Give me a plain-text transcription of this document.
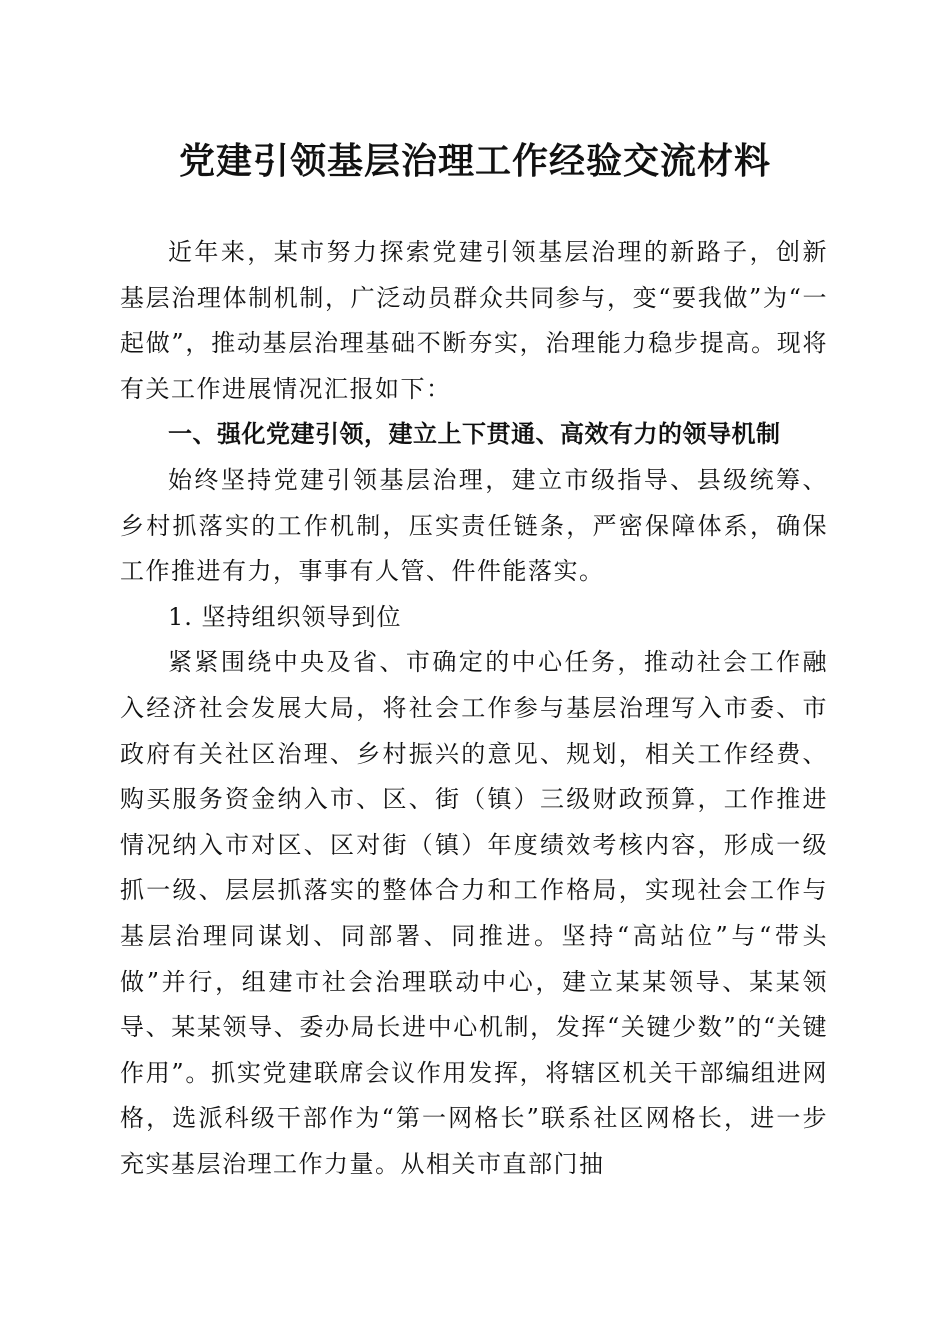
党建引领基层治理工作经验交流材料

近年来，某市努力探索党建引领基层治理的新路子，创新基层治理体制机制，广泛动员群众共同参与，变“要我做”为“一起做”，推动基层治理基础不断夯实，治理能力稳步提高。现将有关工作进展情况汇报如下：

一、强化党建引领，建立上下贯通、高效有力的领导机制

始终坚持党建引领基层治理，建立市级指导、县级统筹、乡村抓落实的工作机制，压实责任链条，严密保障体系，确保工作推进有力，事事有人管、件件能落实。

1. 坚持组织领导到位

紧紧围绕中央及省、市确定的中心任务，推动社会工作融入经济社会发展大局，将社会工作参与基层治理写入市委、市政府有关社区治理、乡村振兴的意见、规划，相关工作经费、购买服务资金纳入市、区、街（镇）三级财政预算，工作推进情况纳入市对区、区对街（镇）年度绩效考核内容，形成一级抓一级、层层抓落实的整体合力和工作格局，实现社会工作与基层治理同谋划、同部署、同推进。坚持“高站位”与“带头做”并行，组建市社会治理联动中心，建立某某领导、某某领导、某某领导、委办局长进中心机制，发挥“关键少数”的“关键作用”。抓实党建联席会议作用发挥，将辖区机关干部编组进网格，选派科级干部作为“第一网格长”联系社区网格长，进一步充实基层治理工作力量。从相关市直部门抽
